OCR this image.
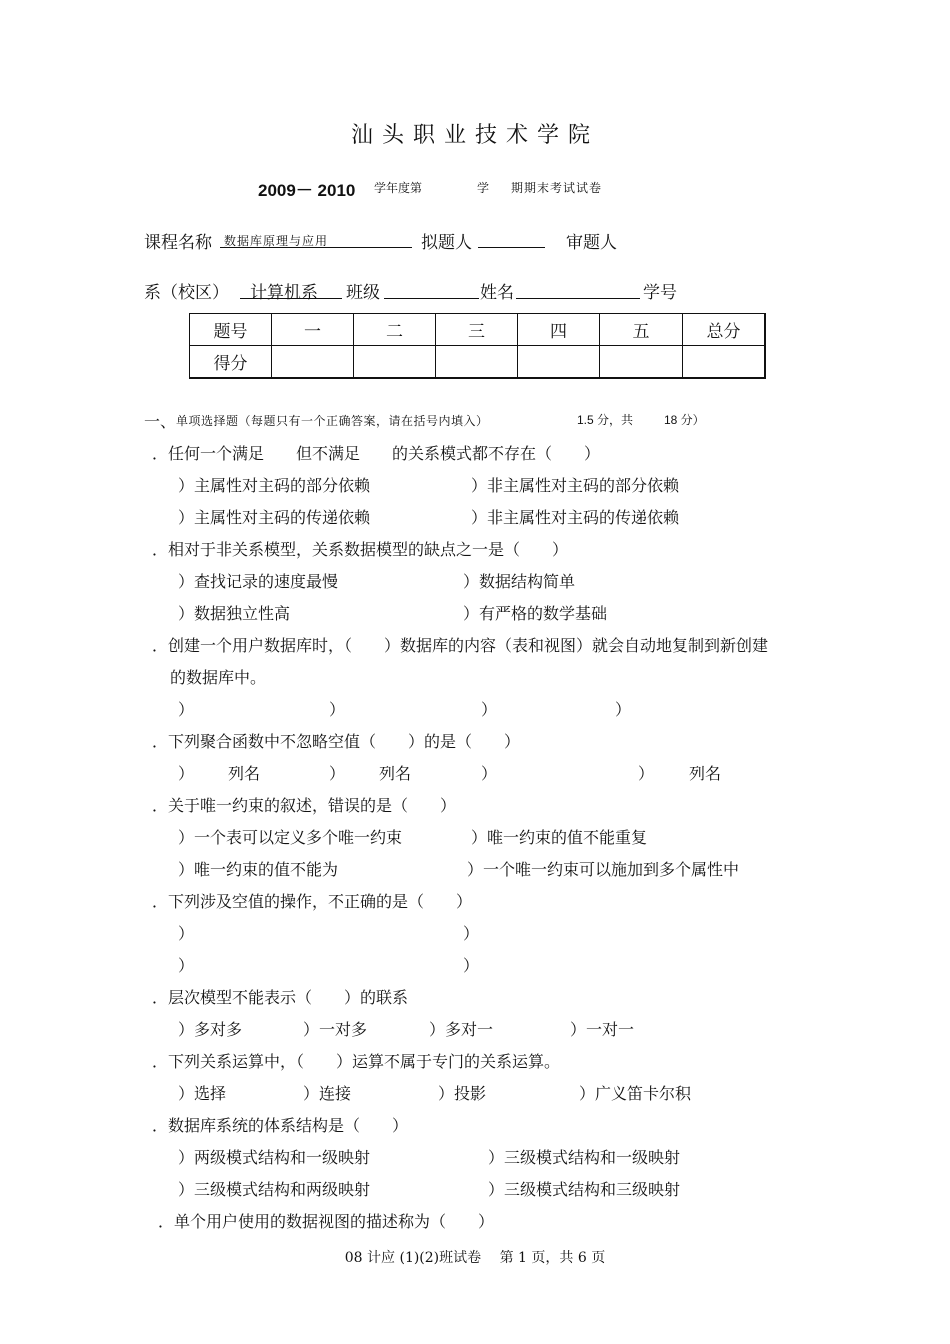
汕头职业技术学院
2009－ 2010 学年度第	学 期期末考试试卷
课程名称 数据库原理与应用	拟题人	审题人
系（校区） 计算机系 班级	姓名	学号
题号	一	二	三	四	五	总分
得分						
一、 单项选择题（每题只有一个正确答案，请在括号内填入）	1.5 分，共	18 分）
．任何一个满足　　但不满足　　的关系模式都不存在（　　）
）主属性对主码的部分依赖	）非主属性对主码的部分依赖
）主属性对主码的传递依赖	）非主属性对主码的传递依赖
．相对于非关系模型，关系数据模型的缺点之一是（　　）
）查找记录的速度最慢	）数据结构简单
）数据独立性高	）有严格的数学基础
．创建一个用户数据库时，（　　）数据库的内容（表和视图）就会自动地复制到新创建
的数据库中。
）	）	）	）
．下列聚合函数中不忽略空值（　　）的是（　　）
） 列名	） 列名	）	） 列名
．关于唯一约束的叙述，错误的是（　　）
）一个表可以定义多个唯一约束	）唯一约束的值不能重复
）唯一约束的值不能为	）一个唯一约束可以施加到多个属性中
．下列涉及空值的操作，不正确的是（　　）
）	）
）	）
．层次模型不能表示（　　）的联系
）多对多	）一对多	）多对一	）一对一
．下列关系运算中，（　　）运算不属于专门的关系运算。
）选择	）连接	）投影	）广义笛卡尔积
．数据库系统的体系结构是（　　）
）两级模式结构和一级映射	）三级模式结构和一级映射
）三级模式结构和两级映射	）三级模式结构和三级映射
．单个用户使用的数据视图的描述称为（　　）
08 计应 (1)(2)班试卷　 第 1 页，共 6 页
